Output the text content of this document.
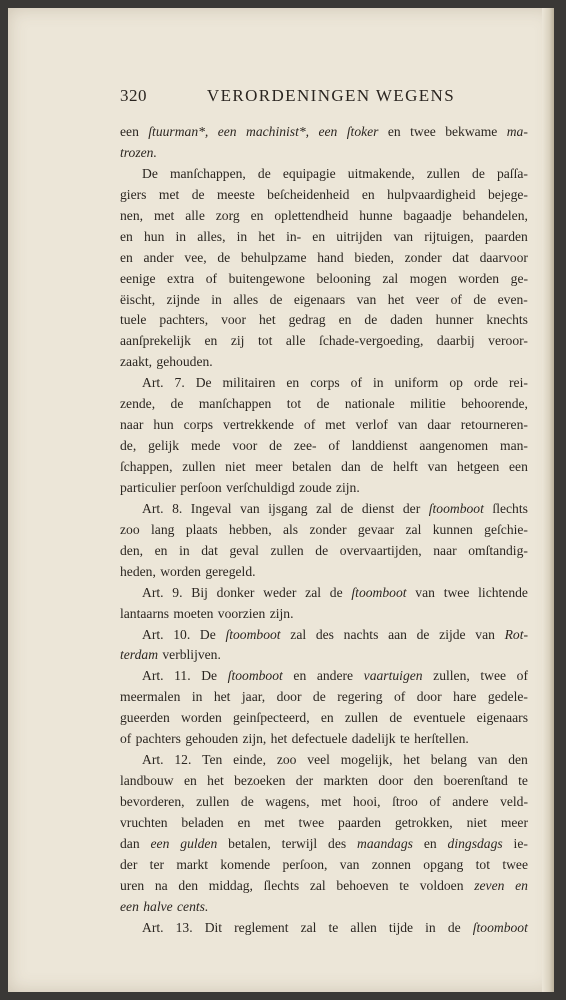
320	VERORDENINGEN WEGENS
een ſtuurman*, een machinist*, een ſtoker en twee bekwame ma-
trozen.
De manſchappen, de equipagie uitmakende, zullen de paſſa-
giers met de meeste beſcheidenheid en hulpvaardigheid bejege-
nen, met alle zorg en oplettendheid hunne bagaadje behandelen,
en hun in alles, in het in- en uitrijden van rijtuigen, paarden
en ander vee, de behulpzame hand bieden, zonder dat daarvoor
eenige extra of buitengewone belooning zal mogen worden ge-
ëischt, zijnde in alles de eigenaars van het veer of de even-
tuele pachters, voor het gedrag en de daden hunner knechts
aanſprekelijk en zij tot alle ſchade-vergoeding, daarbij veroor-
zaakt, gehouden.
Art. 7. De militairen en corps of in uniform op orde rei-
zende, de manſchappen tot de nationale militie behoorende,
naar hun corps vertrekkende of met verlof van daar retourneren-
de, gelijk mede voor de zee- of landdienst aangenomen man-
ſchappen, zullen niet meer betalen dan de helft van hetgeen een
particulier perſoon verſchuldigd zoude zijn.
Art. 8. Ingeval van ijsgang zal de dienst der ſtoomboot ſlechts
zoo lang plaats hebben, als zonder gevaar zal kunnen geſchie-
den, en in dat geval zullen de overvaartijden, naar omſtandig-
heden, worden geregeld.
Art. 9. Bij donker weder zal de ſtoomboot van twee lichtende
lantaarns moeten voorzien zijn.
Art. 10. De ſtoomboot zal des nachts aan de zijde van Rot-
terdam verblijven.
Art. 11. De ſtoomboot en andere vaartuigen zullen, twee of
meermalen in het jaar, door de regering of door hare gedele-
gueerden worden geinſpecteerd, en zullen de eventuele eigenaars
of pachters gehouden zijn, het defectuele dadelijk te herſtellen.
Art. 12. Ten einde, zoo veel mogelijk, het belang van den
landbouw en het bezoeken der markten door den boerenſtand te
bevorderen, zullen de wagens, met hooi, ſtroo of andere veld-
vruchten beladen en met twee paarden getrokken, niet meer
dan een gulden betalen, terwijl des maandags en dingsdags ie-
der ter markt komende perſoon, van zonnen opgang tot twee
uren na den middag, ſlechts zal behoeven te voldoen zeven en
een halve cents.
Art. 13. Dit reglement zal te allen tijde in de ſtoomboot
